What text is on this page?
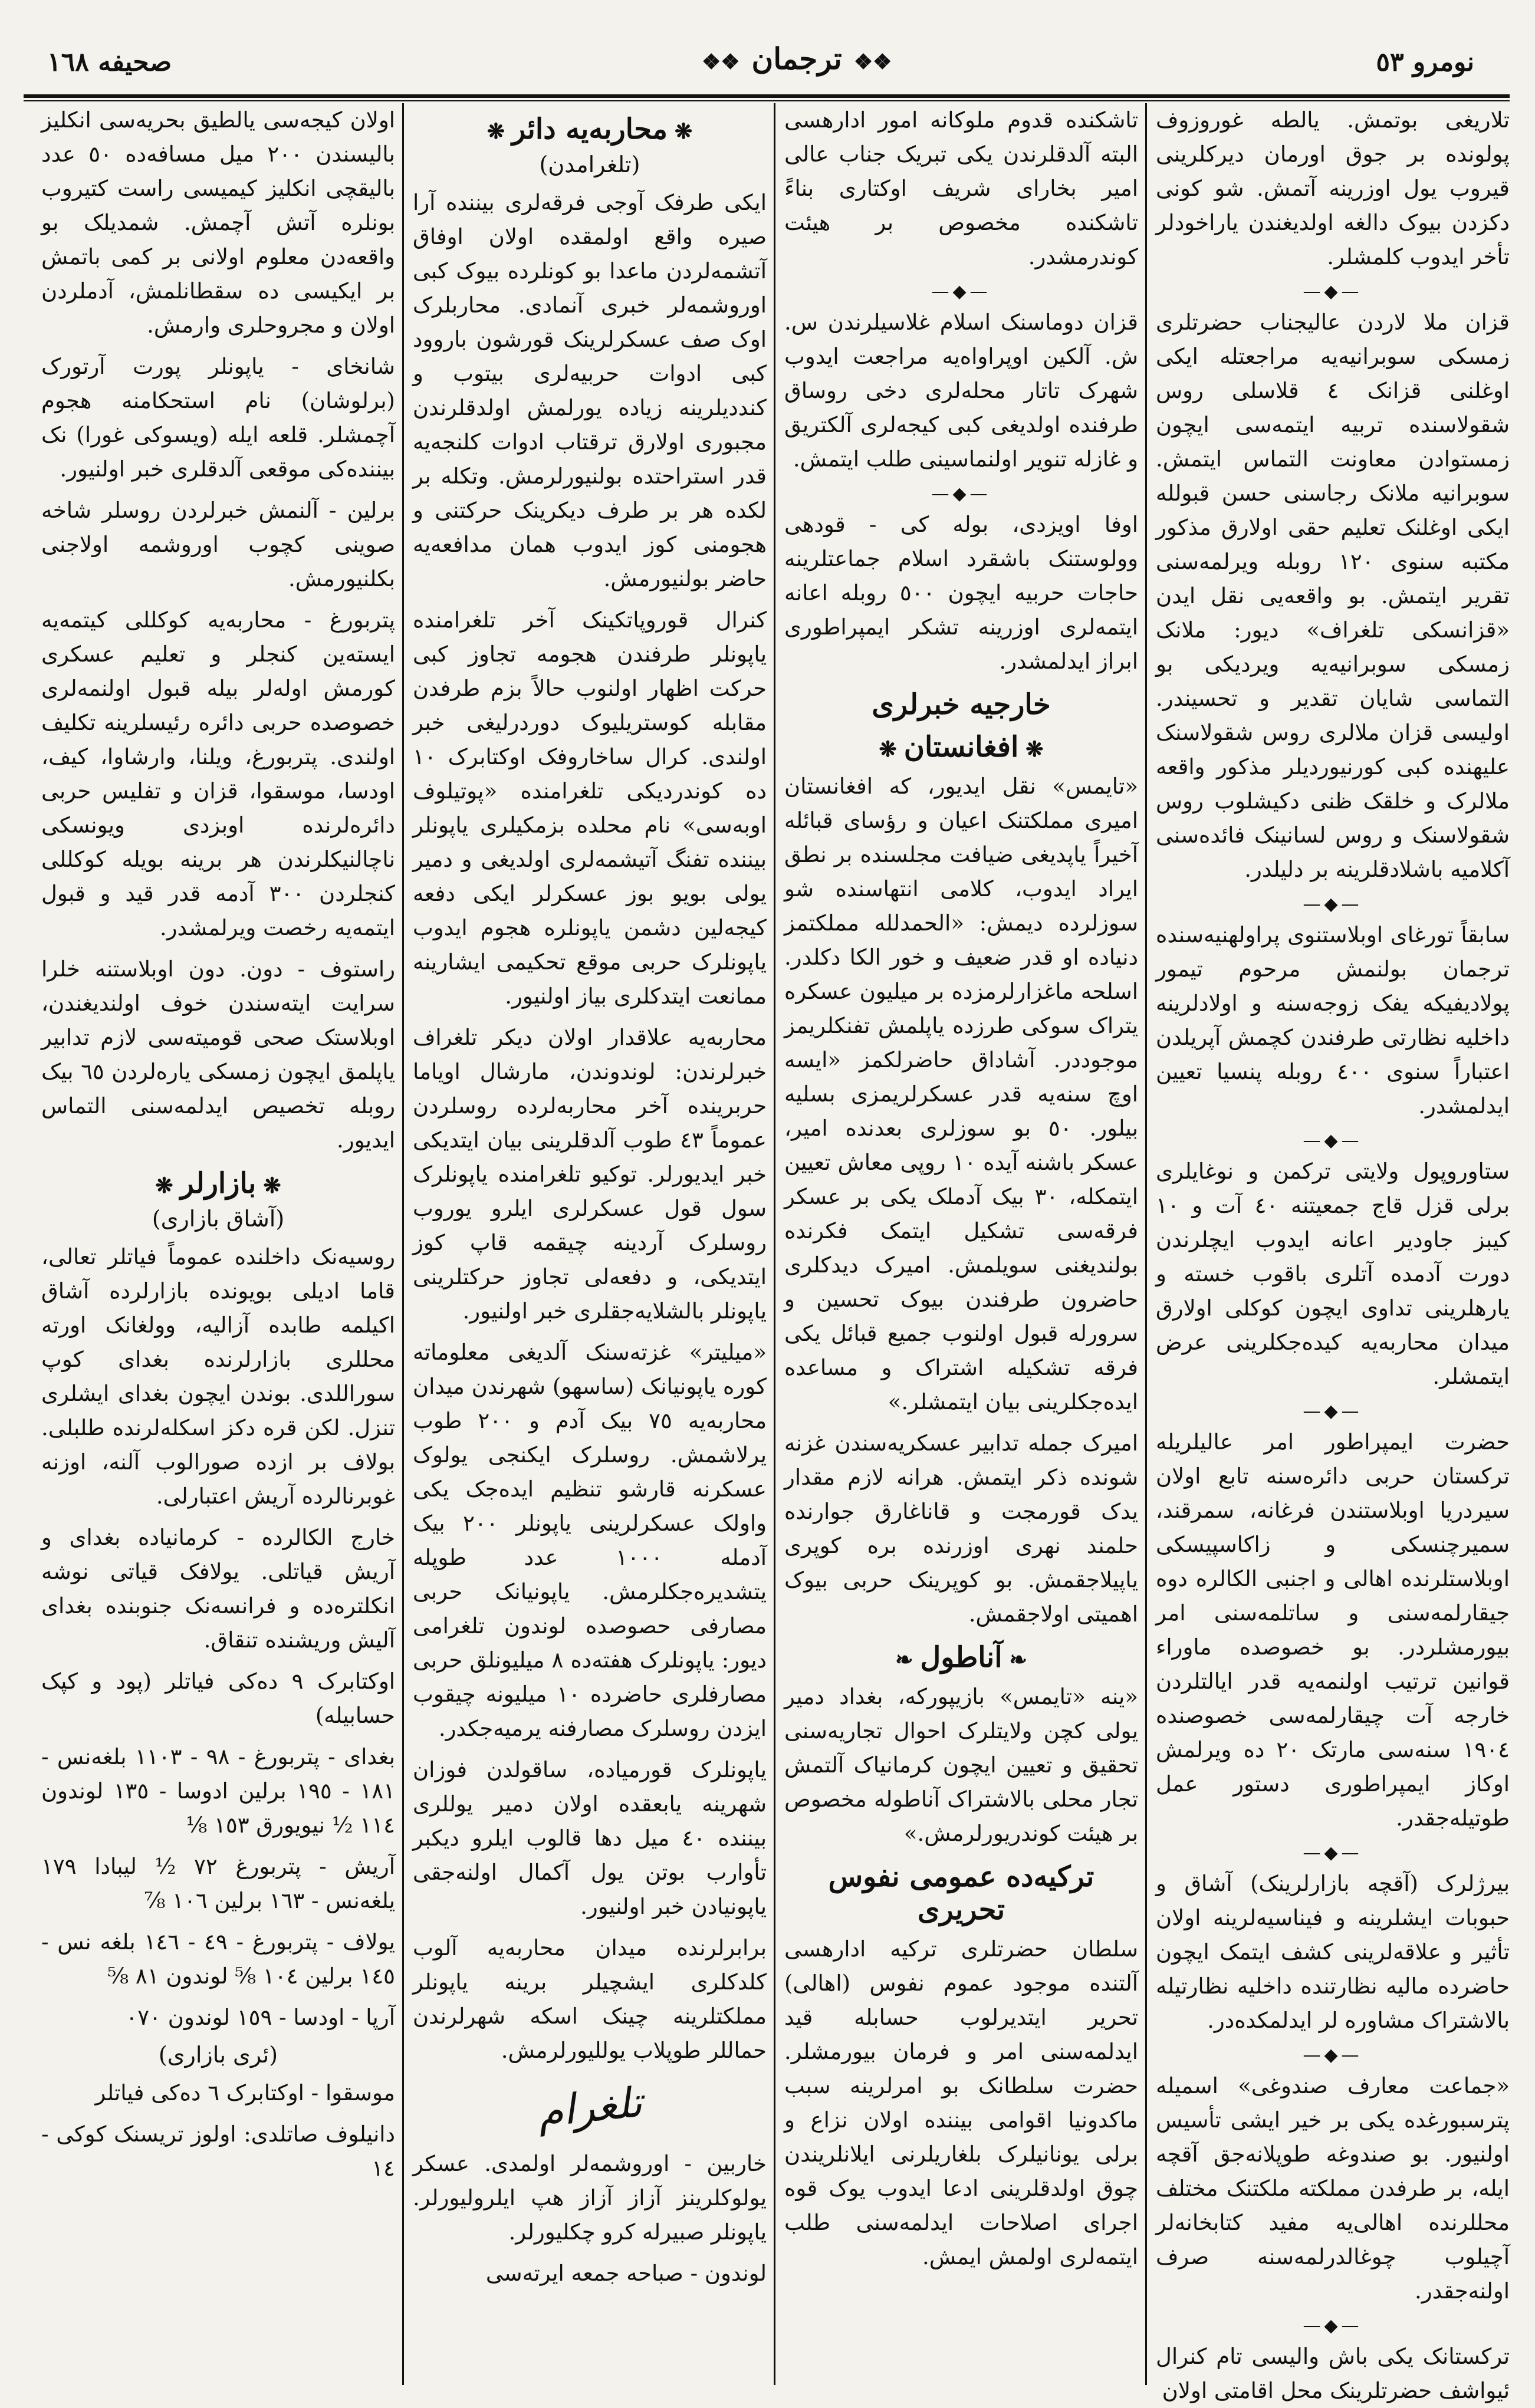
۱٦۸ صحیفه
❖❖	ترجمان ❖❖	نومرو ٥٣

تلاریغی بوتمش. یالطه غوروزوف پولونده بر جوق اورمان دیرکلرینی قیروب یول اوزرینه آتمش. شو کونی دکزدن بیوک دالغه اولدیغندن یاراخودلر تأخر ایدوب کلمشلر.

—◆—

قزان ملا لاردن عالیجناب حضرتلری زمسکی سوبرانیه‌یه مراجعتله ایکی اوغلنی قزانک ٤ قلاسلی روس شقولاسنده تربیه ایتمه‌سی ایچون زمستوادن معاونت التماس ایتمش. سوبرانیه ملانک رجاسنی حسن قبولله ایکی اوغلنک تعلیم حقی اولارق مذکور مکتبه سنوی ۱۲۰ روبله ویرلمه‌سنی تقریر ایتمش. بو واقعه‌یی نقل ایدن «قزانسکی تلغراف» دیور: ملانک زمسکی سوبرانیه‌یه ویردیکی بو التماسی شایان تقدیر و تحسیندر. اولیسی قزان ملالری روس شقولاسنک علیهنده کبی کورنیوردیلر مذکور واقعه ملالرک و خلقک ظنی دکیشلوب روس شقولاسنک و روس لسانینک فائده‌سنی آکلامیه باشلادقلرینه بر دلیلدر.

—◆—

سابقاً تورغای اوبلاستنوی پراولهنیه‌سنده ترجمان بولنمش مرحوم تیمور پولادیفیکه یفک زوجه‌سنه و اولادلرینه داخلیه نظارتی طرفندن کچمش آپریلدن اعتباراً سنوی ٤٠٠ روبله پنسیا تعیین ایدلمشدر.

—◆—

ستاوروپول ولایتی ترکمن و نوغایلری برلی قزل قاج جمعیتنه ٤٠ آت و ۱٠ کیبز جاودیر اعانه ایدوب ایچلرندن دورت آدمده آتلری باقوب خسته و یارهلرینی تداوی ایچون کوکلی اولارق میدان محاربه‌یه کیده‌جکلرینی عرض ایتمشلر.

—◆—

حضرت ایمپراطور امر عالیلریله ترکستان حربی دائره‌سنه تابع اولان سیردریا اوبلاستندن فرغانه، سمرقند، سمیرچنسکی و زاکاسپیسکی اوبلاستلرنده اهالی و اجنبی الکالره دوه جیقارلمه‌سنی و ساتلمه‌سنی امر بیورمشلردر. بو خصوصده ماوراء قوانین ترتیب اولنمه‌یه قدر ایالتلردن خارجه آت چیقارلمه‌سی خصوصنده ۱۹٠٤ سنه‌سی مارتک ۲٠ ده ویرلمش اوکاز ایمپراطوری دستور عمل طوتیله‌جقدر.

—◆—

بیرژلرک (آقچه بازارلرینک) آشاق و حبوبات ایشلرینه و فیناسیه‌لرینه اولان تأثیر و علاقه‌لرینی کشف ایتمک ایچون حاضرده مالیه نظارتنده داخلیه نظارتیله بالاشتراک مشاوره لر ایدلمکده‌در.

—◆—

«جماعت معارف صندوغی» اسمیله پترسبورغده یکی بر خیر ایشی تأسیس اولنیور. بو صندوغه طوپلانه‌جق آقچه ایله، بر طرفدن مملکته ملکتنک مختلف محللرنده اهالی‌یه مفید کتابخانه‌لر آچیلوب چوغالدرلمه‌سنه صرف اولنه‌جقدر.

—◆—

ترکستانک یکی باش والیسی تام کنرال ئیواشف حضرتلرینک محل اقامتی اولان

تاشکنده قدوم ملوکانه امور ادارهسی البته آلدقلرندن یکی تبریک جناب عالی امیر بخارای شریف اوکتاری بناءً تاشکنده مخصوص بر هیئت کوندرمشدر.

—◆—

قزان دوماسنک اسلام غلاسیلرندن س. ش. آلکین اوپراواه‌یه مراجعت ایدوب شهرک تاتار محله‌لری دخی روساق طرفنده اولدیغی کبی کیجه‌لری آلکتریق و غازله تنویر اولنماسینی طلب ایتمش.

—◆—

اوفا اویزدی، بوله کی - قودهی وولوستنک باشقرد اسلام جماعتلرینه حاجات حربیه ایچون ٥٠٠ روبله اعانه ایتمه‌لری اوزرینه تشکر ایمپراطوری ابراز ایدلمشدر.

خارجیه خبرلری
❋ افغانستان ❋

«تایمس» نقل ایدیور، که افغانستان امیری مملکتنک اعیان و رؤسای قبائله آخیراً یاپدیغی ضیافت مجلسنده بر نطق ایراد ایدوب، کلامی انتهاسنده شو سوزلرده دیمش: «الحمدلله مملکتمز دنیاده او قدر ضعیف و خور الکا دکلدر. اسلحه ماغزارلرمزده بر میلیون عسکره یتراک سوکی طرزده یاپلمش تفنکلریمز موجوددر. آشاداق حاضرلکمز «ایسه اوچ سنه‌یه قدر عسکرلریمزی بسلیه بیلور. ٥٠ بو سوزلری بعدنده امیر، عسکر باشنه آیده ۱٠ روپی معاش تعیین ایتمکله، ٣٠ بیک آدملک یکی بر عسکر فرقه‌سی تشکیل ایتمک فکرنده بولندیغنی سویلمش. امیرک دیدکلری حاضرون طرفندن بیوک تحسین و سرورله قبول اولنوب جمیع قبائل یکی فرقه تشکیله اشتراک و مساعده ایده‌جکلرینی بیان ایتمشلر.»

امیرک جمله تدابیر عسکریه‌سندن غزنه شونده ذکر ایتمش. هرانه لازم مقدار یدک قورمجت و قاناغارق جوارنده حلمند نهری اوزرنده بره کوپری یاپیلاجقمش. بو کوپرینک حربی بیوک اهمیتی اولاجقمش.

❧ آناطول ❧

«ینه «تایمس» بازیپورکه، بغداد دمیر یولی کچن ولایتلرک احوال تجاریه‌سنی تحقیق و تعیین ایچون کرمانیاک آلتمش تجار محلی بالاشتراک آناطوله مخصوص بر هیئت کوندریورلرمش.»

ترکیه‌ده عمومی نفوس تحریری

سلطان حضرتلری ترکیه ادارهسی آلتنده موجود عموم نفوس (اهالی) تحریر ایتدیرلوب حسابله قید ایدلمه‌سنی امر و فرمان بیورمشلر. حضرت سلطانک بو امرلرینه سبب ماکدونیا اقوامی بیننده اولان نزاع و برلی یونانیلرک بلغاریلرنی ایلانلریندن چوق اولدقلرینی ادعا ایدوب یوک قوه اجرای اصلاحات ایدلمه‌سنی طلب ایتمه‌لری اولمش ایمش.

❋ محاربه‌یه دائر ❋
(تلغرامدن)

ایکی طرفک آوجی فرقه‌لری بیننده آرا صیره واقع اولمقده اولان اوفاق آتشمه‌لردن ماعدا بو کونلرده بیوک کبی اوروشمه‌لر خبری آنمادی. محاربلرک اوک صف عسکرلرینک قورشون باروود کبی ادوات حربیه‌لری بیتوب و کنددیلرینه زیاده یورلمش اولدقلرندن مجبوری اولارق ترقتاب ادوات کلنجه‌یه قدر استراحتده بولنیورلرمش. وتکله بر لکده هر بر طرف دیکرینک حرکتنی و هجومنی کوز ایدوب همان مدافعه‌یه حاضر بولنیورمش.

کنرال قوروپاتکینک آخر تلغرامنده یاپونلر طرفندن هجومه تجاوز کبی حرکت اظهار اولنوب حالاً بزم طرفدن مقابله کوستریلیوک دوردرلیغی خبر اولندی. کرال ساخاروفک اوکتابرک ۱٠ ده کوندردیکی تلغرامنده «پوتیلوف اوبه‌سی» نام محلده بزمکیلری یاپونلر بیننده تفنگ آتیشمه‌لری اولدیغی و دمیر یولی بویو بوز عسکرلر ایکی دفعه کیجه‌لین دشمن یاپونلر‌ه هجوم ایدوب یاپونلرک حربی موقع تحکیمی ایشارینه ممانعت ایتدکلری بیاز اولنیور.

محاربه‌یه علاقدار اولان دیکر تلغراف خبرلرندن: لوندوندن، مارشال اویاما حربرینده آخر محاربه‌لرده روسلردن عموماً ٤٣ طوب آلدقلرینی بیان ایتدیکی خبر ایدیورلر. توکیو تلغرامنده یاپونلرک سول قول عسکرلری ایلرو یوروب روسلرک آردینه چیقمه قاپ کوز ایتدیکی، و دفعه‌لی تجاوز حرکتلرینی یاپونلر بالشلایه‌جقلری خبر اولنیور.

«میلیتر» غزته‌سنک آلدیغی معلوماته کوره یاپونیانک (ساسهو) شهرندن میدان محاربه‌یه ۷٥ بیک آدم و ۲٠٠ طوب یرلاشمش. روسلرک ایکنجی یولوک عسکرنه قارشو تنظیم ایده‌جک یکی واولک عسکرلرینی یاپونلر ۲٠٠ بیک آدمله ۱٠٠٠ عدد طوپله یتشدیره‌جکلرمش. یاپونیانک حربی مصارفی حصوصده لوندون تلغرامی دیور: یاپونلرک هفته‌ده ۸ میلیونلق حربی مصارفلری حاضرده ۱٠ میلیونه چیقوب ایزدن روسلرک مصارفنه یرمیه‌جکدر.

یاپونلرک قورمیاده، ساقولدن فوزان شهرینه یابعقده اولان دمیر یوللری بیننده ٤٠ میل دها قالوب ایلرو دیکبر تأوارب بوتن یول آکمال اولنه‌جقی یاپونیادن خبر اولنیور.

برابرلرنده میدان محاربه‌یه آلوب کلدکلری ایشچیلر برینه یاپونلر مملکتلرینه چینک اسکه شهرلرندن حماللر طوپلاب یوللیورلرمش.

تلغرام

خاربین - اوروشمه‌لر اولمدی. عسکر یولوکلرینز آزاز آزاز هپ ایلرولیورلر. یاپونلر صبیرله کرو چکلیورلر.

لوندون - صباحه جمعه ایرته‌سی

اولان کیجه‌سی یالطیق بحریه‌سی انکلیز بالیسندن ۲٠٠ میل مسافه‌ده ٥٠ عدد بالیقچی انکلیز کیمیسی راست کتیروب بونلره آتش آچمش. شمدیلک بو واقعه‌دن معلوم اولانی بر کمی باتمش بر ایکیسی ده سقطانلمش، آدملردن اولان و مجروحلری وارمش.

شانخای - یاپونلر پورت آرتورک (برلوشان) نام استحکامنه هجوم آچمشلر. قلعه ایله (ویسوکی غورا) نک بیننده‌کی موقعی آلدقلری خبر اولنیور.

برلین - آلنمش خبرلردن روسلر شاخه صوینی کچوب اوروشمه اولاجنی بکلنیورمش.

پتربورغ - محاربه‌یه کوکللی کیتمه‌یه ایسته‌ین کنجلر و تعلیم عسکری کورمش اوله‌لر بیله قبول اولنمه‌لری خصوصده حربی دائره رئیسلرینه تکلیف اولندی. پتربورغ، ویلنا، وارشاوا، کیف، اودسا، موسقوا، قزان و تفلیس حربی دائره‌لرنده اوبزدی ویونسکی ناچالنیکلرندن هر برینه بویله کوکللی کنجلردن ٣٠٠ آدمه قدر قید و قبول ایتمه‌یه رخصت ویرلمشدر.

راستوف - دون. دون اوبلاستنه خلرا سرایت ایته‌سندن خوف اولندیغندن، اوبلاستک صحی قومیته‌سی لازم تدابیر یاپلمق ایچون زمسکی یاره‌لردن ٦٥ بیک روبله تخصیص ایدلمه‌سنی التماس ایدیور.

❋ بازارلر ❋
(آشاق بازاری)

روسیه‌نک داخلنده عموماً فیاتلر تعالی، قاما ادیلی بویونده بازارلرده آشاق اکیلمه طابده آزالیه، وولغانک اورته محللری بازارلرنده بغدای کوپ سوراللدی. بوندن ایچون بغدای ایشلری تنزل. لکن قره دکز اسکله‌لرنده طلبلی. بولاف بر ازده صورالوب آلنه، اوزنه غوبرنالرده آریش اعتبارلی.

خارج الکالرده - کرمانیاده بغدای و آریش قیاتلی. یولافک قیاتی نوشه انکلتره‌ده و فرانسه‌نک جنوبنده بغدای آلیش وریشنده تنقاق.

اوکتابرک ۹ ده‌کی فیاتلر (پود و کپک حسابیله)

بغدای - پتربورغ - ۹۸ - ۱۱٠٣ بلغه‌نس - ۱۸۱ - ۱۹٥ برلین ادوسا - ۱٣٥ لوندون ۱۱٤ ½ نیویورق ۱٥٣ ⅛

آریش - پتربورغ ۷۲ ½ لیبادا ۱۷۹ یلغه‌نس - ۱٦٣ برلین ۱٠٦ ⅞

یولاف - پتربورغ - ٤۹ - ۱٤٦ بلغه نس - ۱٤٥ برلین ۱٠٤ ⅝ لوندون ۸۱ ⅝

آرپا - اودسا - ۱٥۹ لوندون ٠۷٠

(ئری بازاری)

موسقوا - اوکتابرک ٦ ده‌کی فیاتلر

دانیلوف صاتلدی: اولوز تریسنک کوکی - ۱٤
